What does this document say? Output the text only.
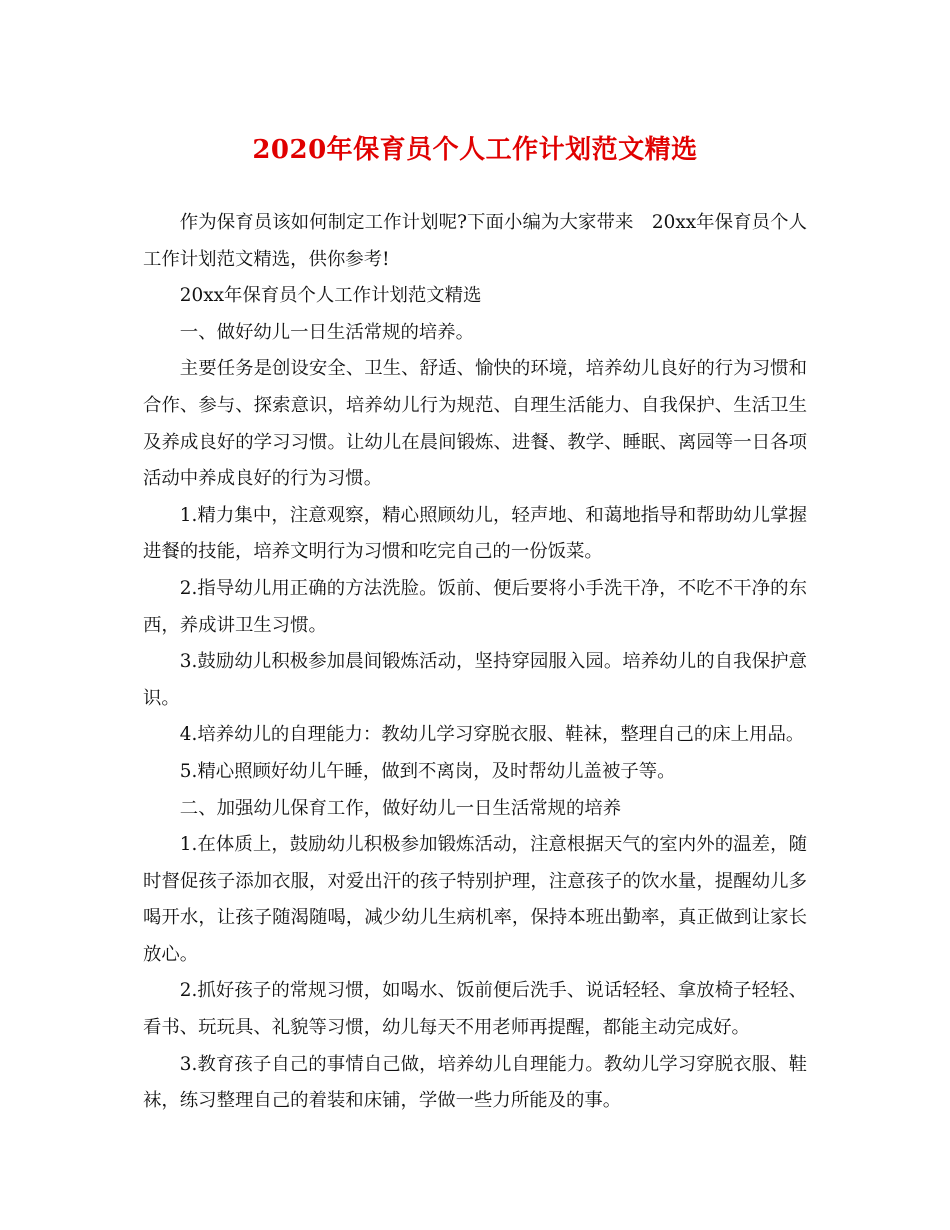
2020年保育员个人工作计划范文精选

作为保育员该如何制定工作计划呢?下面小编为大家带来　20xx年保育员个人工作计划范文精选，供你参考!

20xx年保育员个人工作计划范文精选

一、做好幼儿一日生活常规的培养。

主要任务是创设安全、卫生、舒适、愉快的环境，培养幼儿良好的行为习惯和合作、参与、探索意识，培养幼儿行为规范、自理生活能力、自我保护、生活卫生及养成良好的学习习惯。让幼儿在晨间锻炼、进餐、教学、睡眠、离园等一日各项活动中养成良好的行为习惯。

1.精力集中，注意观察，精心照顾幼儿，轻声地、和蔼地指导和帮助幼儿掌握进餐的技能，培养文明行为习惯和吃完自己的一份饭菜。

2.指导幼儿用正确的方法洗脸。饭前、便后要将小手洗干净，不吃不干净的东西，养成讲卫生习惯。

3.鼓励幼儿积极参加晨间锻炼活动，坚持穿园服入园。培养幼儿的自我保护意识。

4.培养幼儿的自理能力：教幼儿学习穿脱衣服、鞋袜，整理自己的床上用品。

5.精心照顾好幼儿午睡，做到不离岗，及时帮幼儿盖被子等。

二、加强幼儿保育工作，做好幼儿一日生活常规的培养

1.在体质上，鼓励幼儿积极参加锻炼活动，注意根据天气的室内外的温差，随时督促孩子添加衣服，对爱出汗的孩子特别护理，注意孩子的饮水量，提醒幼儿多喝开水，让孩子随渴随喝，减少幼儿生病机率，保持本班出勤率，真正做到让家长放心。

2.抓好孩子的常规习惯，如喝水、饭前便后洗手、说话轻轻、拿放椅子轻轻、看书、玩玩具、礼貌等习惯，幼儿每天不用老师再提醒，都能主动完成好。

3.教育孩子自己的事情自己做，培养幼儿自理能力。教幼儿学习穿脱衣服、鞋袜，练习整理自己的着装和床铺，学做一些力所能及的事。
